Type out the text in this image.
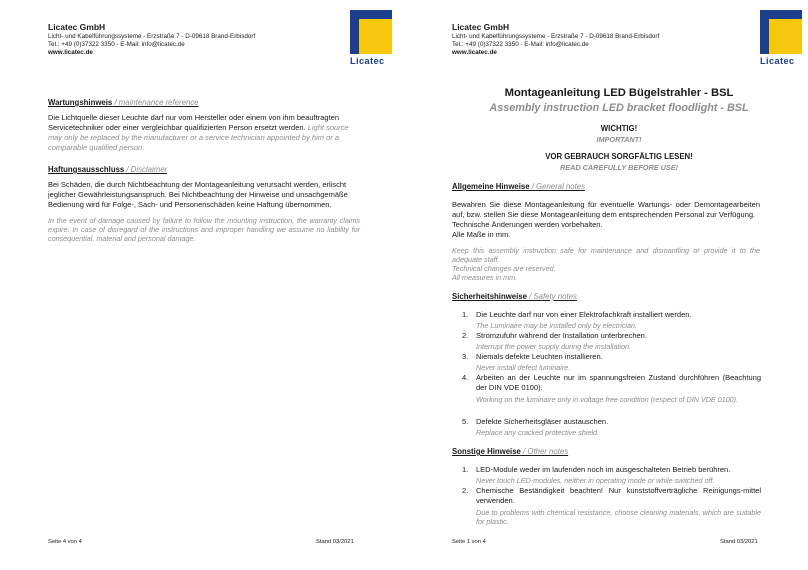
Licatec GmbH
Licht- und Kabelführungssysteme - Erzstraße 7 - D-09618 Brand-Erbisdorf
Tel.: +49 (0)37322 3350 - E-Mail: info@licatec.de
www.licatec.de
Licatec
Wartungshinweis / maintenance reference
Die Lichtquelle dieser Leuchte darf nur vom Hersteller oder einem von ihm beauftragten Servicetechniker oder einer vergleichbar qualifizierten Person ersetzt werden. Light source may only be replaced by the manufacturer or a service technician appointed by him or a comparable qualified person.
Haftungsausschluss / Disclaimer
Bei Schäden, die durch Nichtbeachtung der Montageanleitung verursacht werden, erlischt jeglicher Gewährleistungsanspruch. Bei Nichtbeachtung der Hinweise und unsachgemäße Bedienung wird für Folge-, Sach- und Personenschäden keine Haftung übernommen.
In the event of damage caused by failure to follow the mounting instruction, the warranty claims expire. In case of disregard of the instructions and improper handling we assume no liability for consequential, material and personal damage.
Seite 4 von 4	Stand 03/2021
Licatec GmbH
Licht- und Kabelführungssysteme - Erzstraße 7 - D-09618 Brand-Erbisdorf
Tel.: +49 (0)37322 3350 - E-Mail: info@licatec.de
www.licatec.de
Licatec
Montageanleitung LED Bügelstrahler - BSL
Assembly instruction LED bracket floodlight - BSL
WICHTIG!
IMPORTANT!
VOR GEBRAUCH SORGFÄLTIG LESEN!
READ CAREFULLY BEFORE USE!
Allgemeine Hinweise / General notes
Bewahren Sie diese Montageanleitung für eventuelle Wartungs- oder Demontagearbeiten auf, bzw. stellen Sie diese Montageanleitung dem entsprechenden Personal zur Verfügung.
Technische Änderungen werden vorbehalten.
Alle Maße in mm.
Keep this assembly instruction safe for maintenance and dismantling or provide it to the adequate staff.
Technical changes are reserved.
All measures in mm.
Sicherheitshinweise / Safety notes
1. Die Leuchte darf nur von einer Elektrofachkraft installiert werden.
The Luminaire may be installed only by electrician.
2. Stromzufuhr während der Installation unterbrechen.
Interrupt the power supply during the installation.
3. Niemals defekte Leuchten installieren.
Never install defect luminaire.
4. Arbeiten an der Leuchte nur im spannungsfreien Zustand durchführen (Beachtung der DIN VDE 0100).
Working on the luminaire only in voltage free condition (respect of DIN VDE 0100).
5. Defekte Sicherheitsgläser austauschen.
Replace any cracked protective shield.
Sonstige Hinweise / Other notes
1. LED-Module weder im laufenden noch im ausgeschalteten Betrieb berühren.
Never touch LED-modules, neither in operating mode or while switched off.
2. Chemische Beständigkeit beachten! Nur kunststoffverträgliche Reinigungs-mittel verwenden.
Due to problems with chemical resistance, choose cleaning materials, which are suitable for plastic.
Seite 1 von 4	Stand 03/2021
